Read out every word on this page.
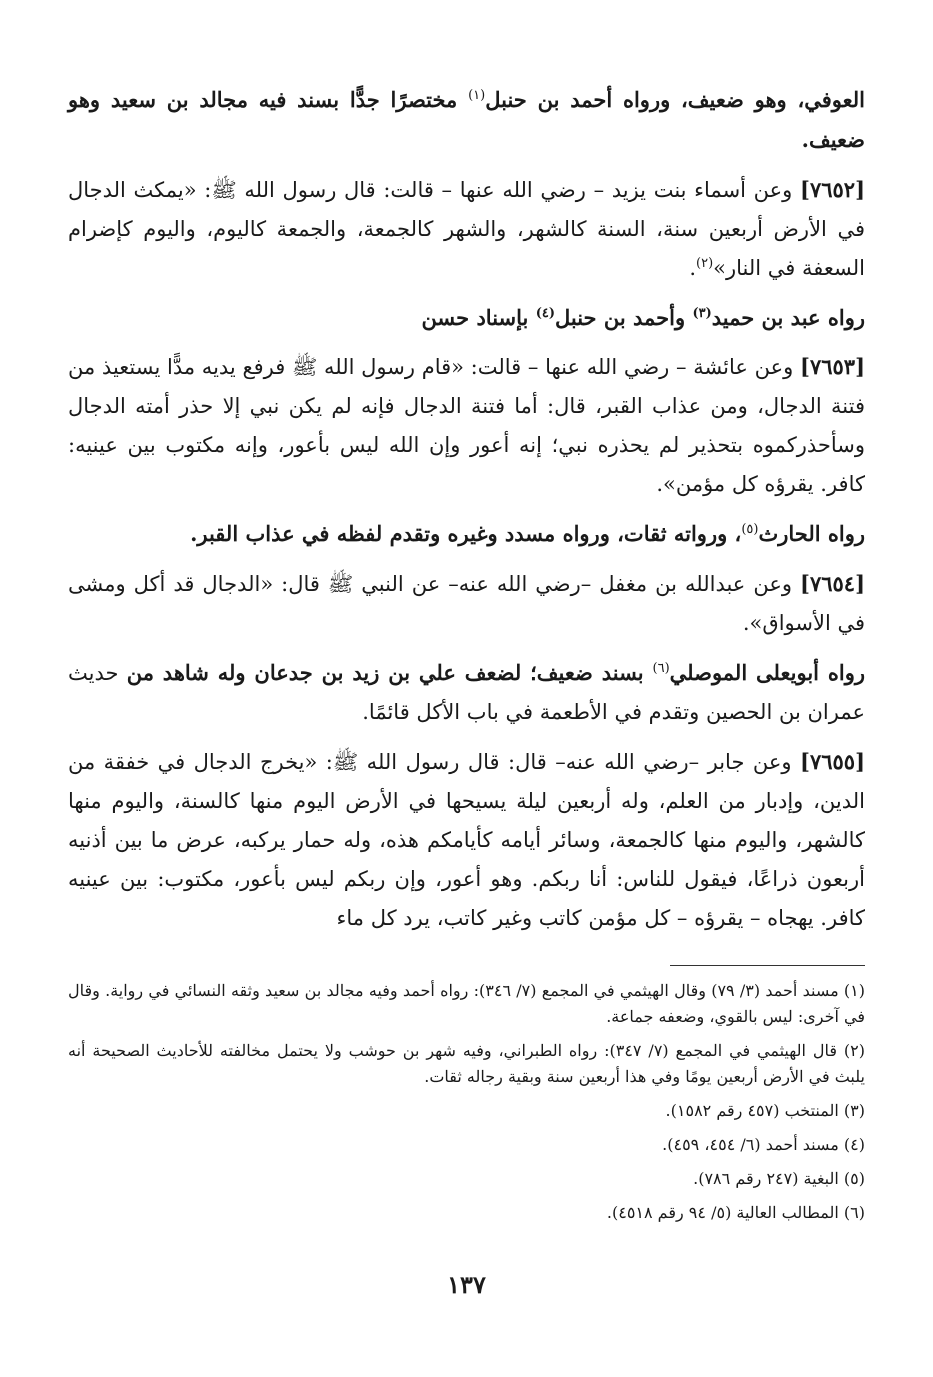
العوفي، وهو ضعيف، ورواه أحمد بن حنبل$^{(١)}$ مختصرًا جدًّا بسند فيه مجالد بن سعيد وهو ضعيف.

[٧٦٥٢] وعن أسماء بنت يزيد – رضي الله عنها – قالت: قال رسول الله ﷺ: «يمكث الدجال في الأرض أربعين سنة، السنة كالشهر، والشهر كالجمعة، والجمعة كاليوم، واليوم كإضرام السعفة في النار»$^{(٢)}$.

رواه عبد بن حميد$^{(٣)}$ وأحمد بن حنبل$^{(٤)}$ بإسناد حسن

[٧٦٥٣] وعن عائشة – رضي الله عنها – قالت: «قام رسول الله ﷺ فرفع يديه مدًّا يستعيذ من فتنة الدجال، ومن عذاب القبر، قال: أما فتنة الدجال فإنه لم يكن نبي إلا حذر أمته الدجال وسأحذركموه بتحذير لم يحذره نبي؛ إنه أعور وإن الله ليس بأعور، وإنه مكتوب بين عينيه: كافر. يقرؤه كل مؤمن».

رواه الحارث$^{(٥)}$، ورواته ثقات، ورواه مسدد وغيره وتقدم لفظه في عذاب القبر.

[٧٦٥٤] وعن عبدالله بن مغفل –رضي الله عنه– عن النبي ﷺ قال: «الدجال قد أكل ومشى في الأسواق».

رواه أبويعلى الموصلي$^{(٦)}$ بسند ضعيف؛ لضعف علي بن زيد بن جدعان وله شاهد من حديث عمران بن الحصين وتقدم في الأطعمة في باب الأكل قائمًا.

[٧٦٥٥] وعن جابر –رضي الله عنه– قال: قال رسول الله ﷺ: «يخرج الدجال في خفقة من الدين، وإدبار من العلم، وله أربعين ليلة يسيحها في الأرض اليوم منها كالسنة، واليوم منها كالشهر، واليوم منها كالجمعة، وسائر أيامه كأيامكم هذه، وله حمار يركبه، عرض ما بين أذنيه أربعون ذراعًا، فيقول للناس: أنا ربكم. وهو أعور، وإن ربكم ليس بأعور، مكتوب: بين عينيه كافر. يهجاه – يقرؤه – كل مؤمن كاتب وغير كاتب، يرد كل ماء

(١) مسند أحمد (٣/ ٧٩) وقال الهيثمي في المجمع (٧/ ٣٤٦): رواه أحمد وفيه مجالد بن سعيد وثقه النسائي في رواية. وقال في آخرى: ليس بالقوي، وضعفه جماعة.

(٢) قال الهيثمي في المجمع (٧/ ٣٤٧): رواه الطبراني، وفيه شهر بن حوشب ولا يحتمل مخالفته للأحاديث الصحيحة أنه يلبث في الأرض أربعين يومًا وفي هذا أربعين سنة وبقية رجاله ثقات.

(٣) المنتخب (٤٥٧ رقم ١٥٨٢).

(٤) مسند أحمد (٦/ ٤٥٤، ٤٥٩).

(٥) البغية (٢٤٧ رقم ٧٨٦).

(٦) المطالب العالية (٥/ ٩٤ رقم ٤٥١٨).

١٣٧
